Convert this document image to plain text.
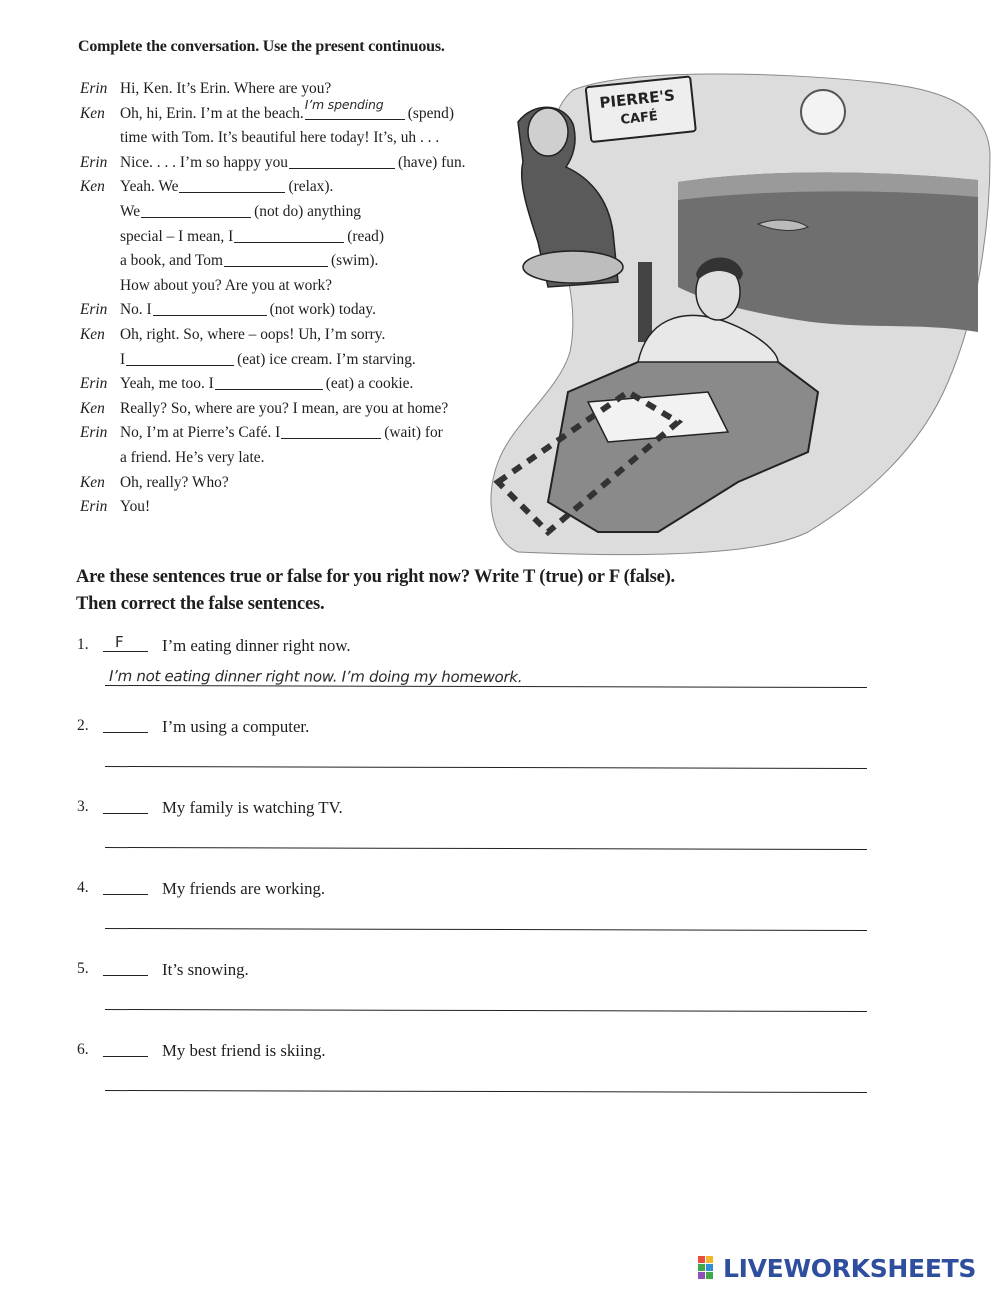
Complete the conversation. Use the present continuous.
Erin Hi, Ken. It’s Erin. Where are you?
Ken Oh, hi, Erin. I’m at the beach.
I’m spending
(spend)
time with Tom. It’s beautiful here today! It’s, uh . . .
Erin Nice. . . . I’m so happy you	(have) fun.
Ken Yeah. We	(relax).
We	(not do) anything
special – I mean, I	(read)
a book, and Tom	(swim).
How about you? Are you at work?
Erin No. I	(not work) today.
Ken Oh, right. So, where – oops! Uh, I’m sorry.
I	(eat) ice cream. I’m starving.
Erin Yeah, me too. I	(eat) a cookie.
Ken Really? So, where are you? I mean, are you at home?
Erin No, I’m at Pierre’s Café. I	(wait) for
a friend. He’s very late.
Ken Oh, really? Who?
Erin You!
PIERRE'S
CAFÉ
Are these sentences true or false for you right now? Write T (true) or F (false).
Then correct the false sentences.
1. F I’m eating dinner right now.
I’m not eating dinner right now. I’m doing my homework.
2.	I’m using a computer.
3.	My family is watching TV.
4.	My friends are working.
5.	It’s snowing.
6.	My best friend is skiing.
LIVEWORKSHEETS
